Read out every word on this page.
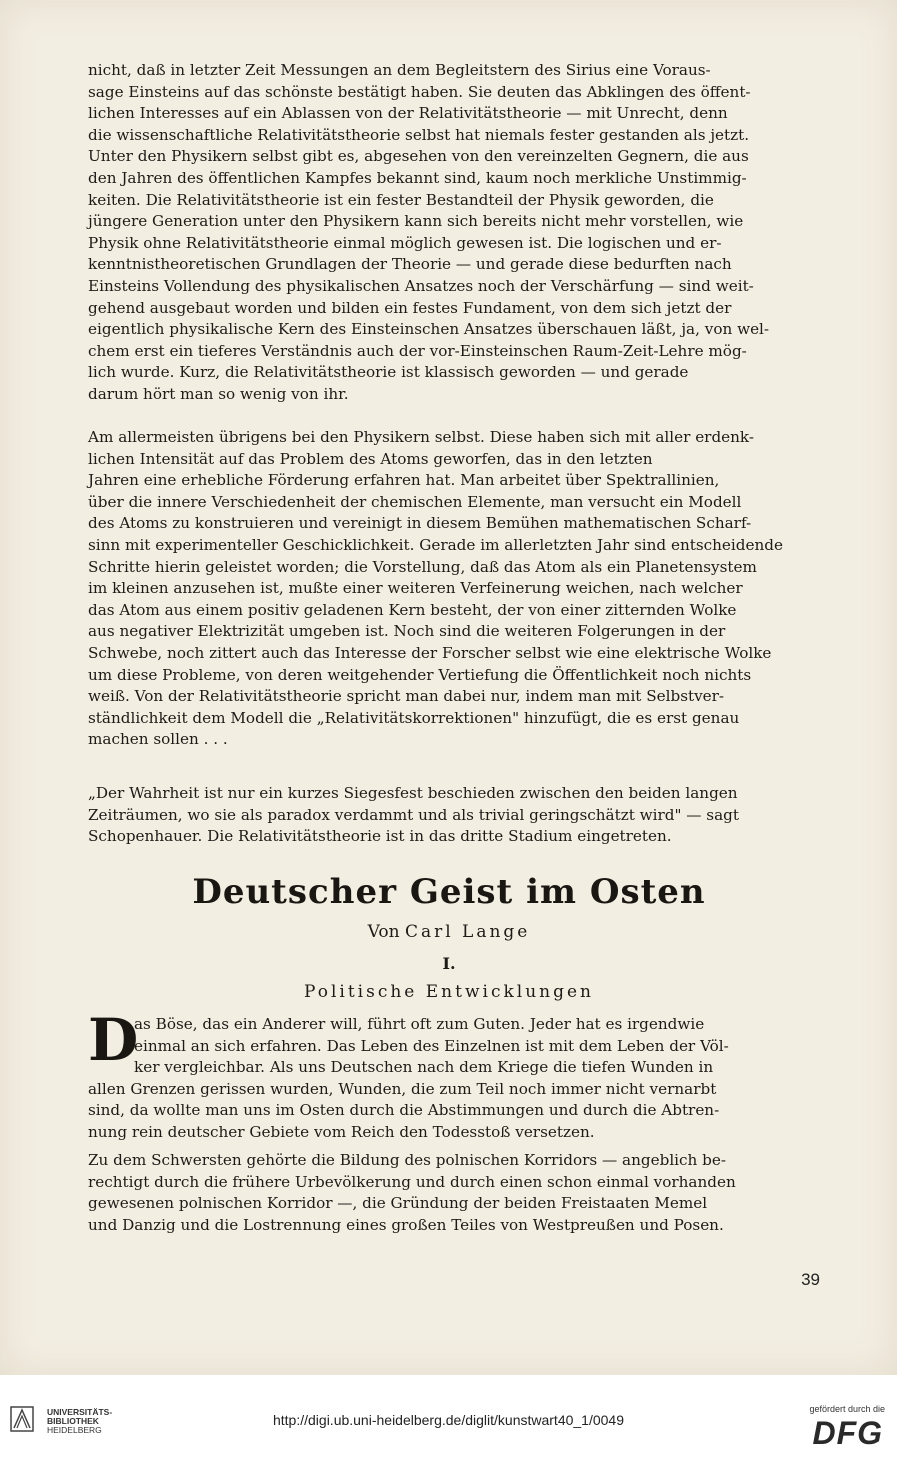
nicht, daß in letzter Zeit Messungen an dem Begleitstern des Sirius eine Voraus-

sage Einsteins auf das schönste bestätigt haben. Sie deuten das Abklingen des öffent-

lichen Interesses auf ein Ablassen von der Relativitätstheorie — mit Unrecht, denn

die wissenschaftliche Relativitätstheorie selbst hat niemals fester gestanden als jetzt.

Unter den Physikern selbst gibt es, abgesehen von den vereinzelten Gegnern, die aus

den Jahren des öffentlichen Kampfes bekannt sind, kaum noch merkliche Unstimmig-

keiten. Die Relativitätstheorie ist ein fester Bestandteil der Physik geworden, die

jüngere Generation unter den Physikern kann sich bereits nicht mehr vorstellen, wie

Physik ohne Relativitätstheorie einmal möglich gewesen ist. Die logischen und er-

kenntnistheoretischen Grundlagen der Theorie — und gerade diese bedurften nach

Einsteins Vollendung des physikalischen Ansatzes noch der Verschärfung — sind weit-

gehend ausgebaut worden und bilden ein festes Fundament, von dem sich jetzt der

eigentlich physikalische Kern des Einsteinschen Ansatzes überschauen läßt, ja, von wel-

chem erst ein tieferes Verständnis auch der vor-Einsteinschen Raum-Zeit-Lehre mög-

lich wurde. Kurz, die Relativitätstheorie ist klassisch geworden — und gerade

darum hört man so wenig von ihr.

Am allermeisten übrigens bei den Physikern selbst. Diese haben sich mit aller erdenk-

lichen Intensität auf das Problem des Atoms geworfen, das in den letzten

Jahren eine erhebliche Förderung erfahren hat. Man arbeitet über Spektrallinien,

über die innere Verschiedenheit der chemischen Elemente, man versucht ein Modell

des Atoms zu konstruieren und vereinigt in diesem Bemühen mathematischen Scharf-

sinn mit experimenteller Geschicklichkeit. Gerade im allerletzten Jahr sind entscheidende

Schritte hierin geleistet worden; die Vorstellung, daß das Atom als ein Planetensystem

im kleinen anzusehen ist, mußte einer weiteren Verfeinerung weichen, nach welcher

das Atom aus einem positiv geladenen Kern besteht, der von einer zitternden Wolke

aus negativer Elektrizität umgeben ist. Noch sind die weiteren Folgerungen in der

Schwebe, noch zittert auch das Interesse der Forscher selbst wie eine elektrische Wolke

um diese Probleme, von deren weitgehender Vertiefung die Öffentlichkeit noch nichts

weiß. Von der Relativitätstheorie spricht man dabei nur, indem man mit Selbstver-

ständlichkeit dem Modell die „Relativitätskorrektionen" hinzufügt, die es erst genau

machen sollen . . .

„Der Wahrheit ist nur ein kurzes Siegesfest beschieden zwischen den beiden langen

Zeiträumen, wo sie als paradox verdammt und als trivial geringschätzt wird" — sagt

Schopenhauer. Die Relativitätstheorie ist in das dritte Stadium eingetreten.

Deutscher Geist im Osten
Von Carl Lange
I.
Politische Entwicklungen
D

as Böse, das ein Anderer will, führt oft zum Guten. Jeder hat es irgendwie

einmal an sich erfahren. Das Leben des Einzelnen ist mit dem Leben der Völ-

ker vergleichbar. Als uns Deutschen nach dem Kriege die tiefen Wunden in

allen Grenzen gerissen wurden, Wunden, die zum Teil noch immer nicht vernarbt

sind, da wollte man uns im Osten durch die Abstimmungen und durch die Abtren-

nung rein deutscher Gebiete vom Reich den Todesstoß versetzen.

Zu dem Schwersten gehörte die Bildung des polnischen Korridors — angeblich be-

rechtigt durch die frühere Urbevölkerung und durch einen schon einmal vorhanden

gewesenen polnischen Korridor —, die Gründung der beiden Freistaaten Memel

und Danzig und die Lostrennung eines großen Teiles von Westpreußen und Posen.

39
UNIVERSITÄTS-
BIBLIOTHEK
HEIDELBERG
http://digi.ub.uni-heidelberg.de/diglit/kunstwart40_1/0049
gefördert durch die
DFG
